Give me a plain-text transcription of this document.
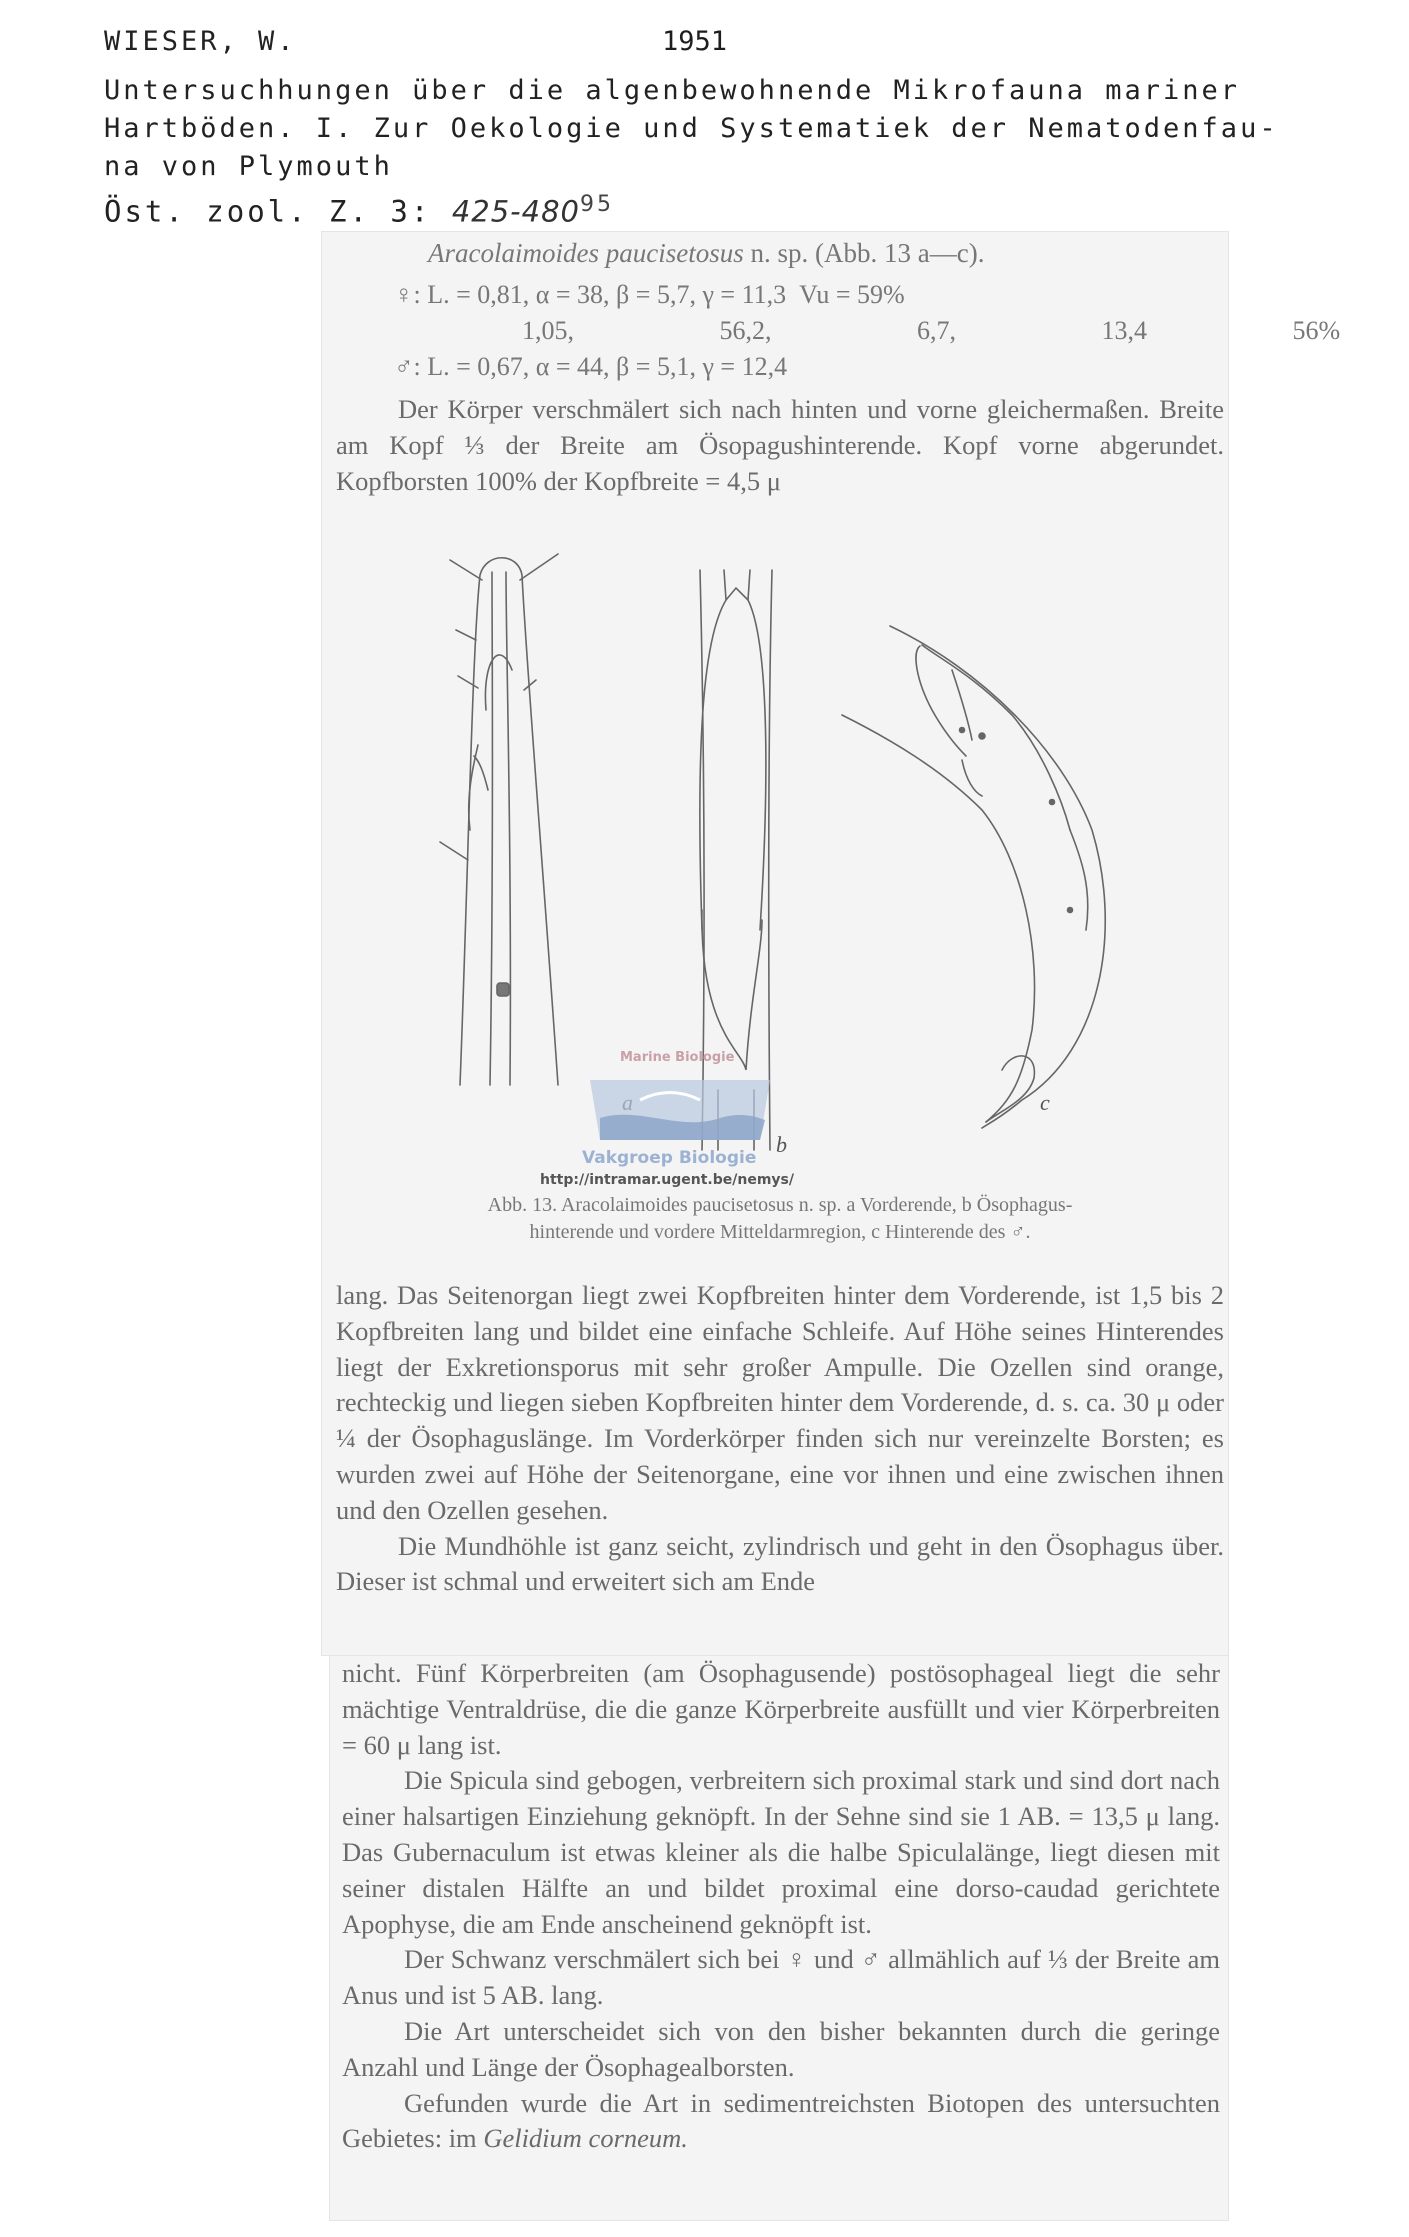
WIESER, W.	1951
Untersuchhungen über die algenbewohnende Mikrofauna mariner
Hartböden. I. Zur Oekologie und Systematiek der Nematodenfau-
na von Plymouth
Öst. zool. Z. 3: $425-480^{95}$
Aracolaimoides paucisetosus n. sp. (Abb. 13 a—c).
♀: L. = 0,81, α = 38, β = 5,7, γ = 11,3  Vu = 59%
1,05,   56,2,   6,7,   13,4   56%
♂: L. = 0,67, α = 44, β = 5,1, γ = 12,4

Der Körper verschmälert sich nach hinten und vorne gleichermaßen. Breite am Kopf ⅓ der Breite am Ösopagushinterende. Kopf vorne abgerundet. Kopfborsten 100% der Kopfbreite = 4,5 μ

b
c
Marine Biologie
Vakgroep Biologie
http://intramar.ugent.be/nemys/
Abb. 13. Aracolaimoides paucisetosus n. sp. a Vorderende, b Ösophagus-
hinterende und vordere Mitteldarmregion, c Hinterende des ♂.

lang. Das Seitenorgan liegt zwei Kopfbreiten hinter dem Vorderende, ist 1,5 bis 2 Kopfbreiten lang und bildet eine einfache Schleife. Auf Höhe seines Hinterendes liegt der Exkretionsporus mit sehr großer Ampulle. Die Ozellen sind orange, rechteckig und liegen sieben Kopfbreiten hinter dem Vorderende, d. s. ca. 30 μ oder ¼ der Ösophaguslänge. Im Vorderkörper finden sich nur vereinzelte Borsten; es wurden zwei auf Höhe der Seitenorgane, eine vor ihnen und eine zwischen ihnen und den Ozellen gesehen.

Die Mundhöhle ist ganz seicht, zylindrisch und geht in den Ösophagus über. Dieser ist schmal und erweitert sich am Ende

nicht. Fünf Körperbreiten (am Ösophagusende) postösophageal liegt die sehr mächtige Ventraldrüse, die die ganze Körperbreite ausfüllt und vier Körperbreiten = 60 μ lang ist.

Die Spicula sind gebogen, verbreitern sich proximal stark und sind dort nach einer halsartigen Einziehung geknöpft. In der Sehne sind sie 1 AB. = 13,5 μ lang. Das Gubernaculum ist etwas kleiner als die halbe Spiculalänge, liegt diesen mit seiner distalen Hälfte an und bildet proximal eine dorso-caudad gerichtete Apophyse, die am Ende anscheinend geknöpft ist.

Der Schwanz verschmälert sich bei ♀ und ♂ allmählich auf ⅓ der Breite am Anus und ist 5 AB. lang.

Die Art unterscheidet sich von den bisher bekannten durch die geringe Anzahl und Länge der Ösophagealborsten.

Gefunden wurde die Art in sedimentreichsten Biotopen des untersuchten Gebietes: im Gelidium corneum.
